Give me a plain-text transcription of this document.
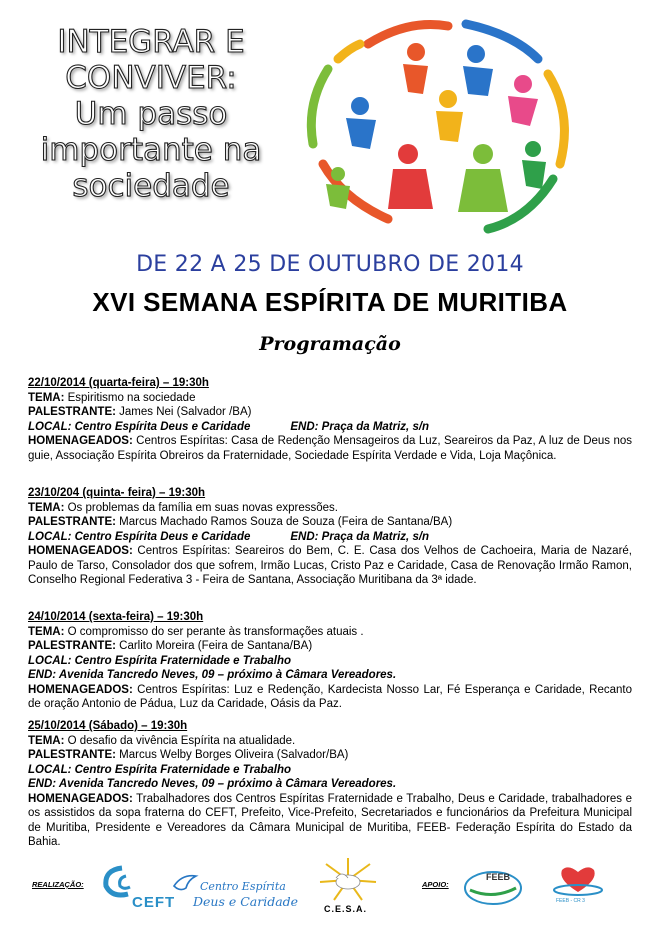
INTEGRAR E
CONVIVER:
Um passo
importante na
sociedade
DE 22 A 25 DE OUTUBRO DE 2014
XVI SEMANA ESPÍRITA DE MURITIBA
Programação

22/10/2014 (quarta-feira) – 19:30h

TEMA: Espiritismo na sociedade

PALESTRANTE: James Nei (Salvador /BA)

LOCAL: Centro Espírita Deus e Caridade	END: Praça da Matriz, s/n

HOMENAGEADOS: Centros Espíritas: Casa de Redenção Mensageiros da Luz, Seareiros da Paz, A luz de Deus nos guie, Associação Espírita Obreiros da Fraternidade, Sociedade Espírita Verdade e Vida, Loja Maçônica.

23/10/204 (quinta- feira) – 19:30h

TEMA: Os problemas da família em suas novas expressões.

PALESTRANTE: Marcus Machado Ramos Souza de Souza (Feira de Santana/BA)

LOCAL: Centro Espírita Deus e Caridade	END: Praça da Matriz, s/n

HOMENAGEADOS: Centros Espíritas: Seareiros do Bem, C. E. Casa dos Velhos de Cachoeira, Maria de Nazaré, Paulo de Tarso, Consolador dos que sofrem, Irmão Lucas, Cristo Paz e Caridade, Casa de Renovação Irmão Ramon, Conselho Regional Federativa 3 - Feira de Santana, Associação Muritibana da 3ª idade.

24/10/2014 (sexta-feira) – 19:30h

TEMA: O compromisso do ser perante às transformações atuais .

PALESTRANTE: Carlito Moreira (Feira de Santana/BA)

LOCAL: Centro Espírita Fraternidade e Trabalho

END: Avenida Tancredo Neves, 09 – próximo à Câmara Vereadores.

HOMENAGEADOS: Centros Espíritas: Luz e Redenção, Kardecista Nosso Lar, Fé Esperança e Caridade, Recanto de oração Antonio de Pádua, Luz da Caridade, Oásis da Paz.

25/10/2014 (Sábado) – 19:30h

TEMA: O desafio da vivência Espírita na atualidade.

PALESTRANTE: Marcus Welby Borges Oliveira (Salvador/BA)

LOCAL: Centro Espírita Fraternidade e Trabalho

END: Avenida Tancredo Neves, 09 – próximo à Câmara Vereadores.

HOMENAGEADOS: Trabalhadores dos Centros Espíritas Fraternidade e Trabalho, Deus e Caridade, trabalhadores e os assistidos da sopa fraterna do CEFT, Prefeito, Vice-Prefeito, Secretariados e funcionários da Prefeitura Municipal de Muritiba, Presidente e Vereadores da Câmara Municipal de Muritiba, FEEB- Federação Espírita do Estado da Bahia.

REALIZAÇÃO:
CEFT
Centro Espírita
Deus e Caridade	C.E.S.A.
APOIO:
FEEB
FEEB - CR 3
